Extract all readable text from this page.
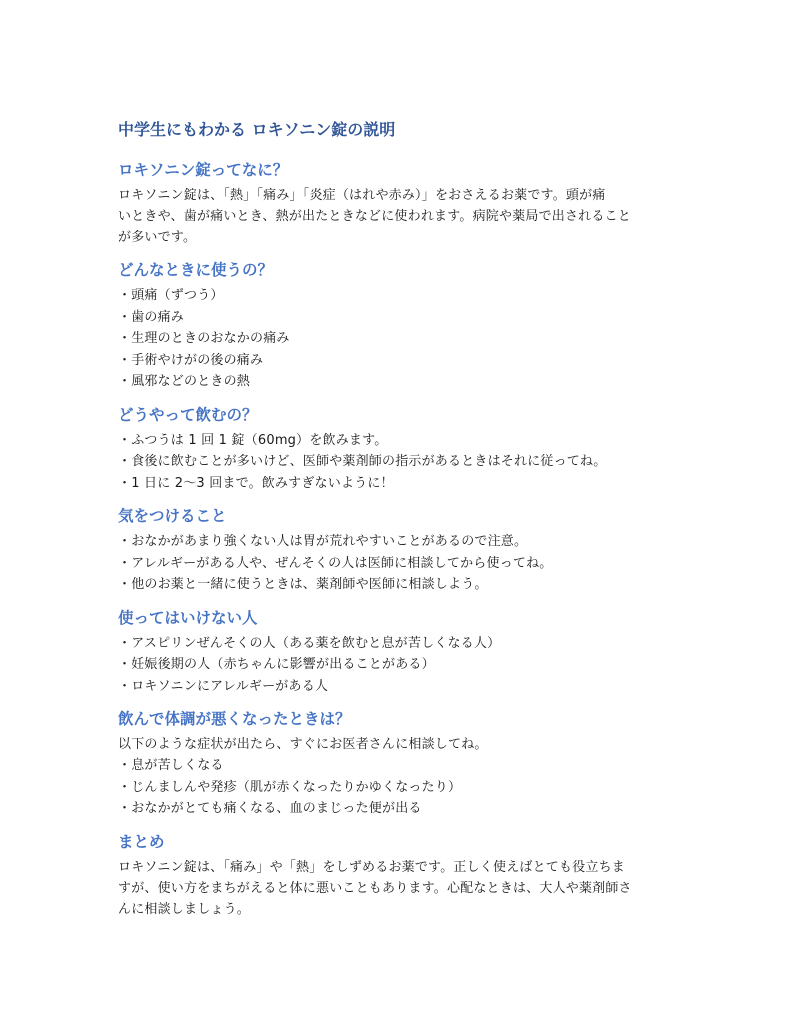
中学生にもわかる ロキソニン錠の説明
ロキソニン錠ってなに？

ロキソニン錠は、「熱」「痛み」「炎症（はれや赤み）」をおさえるお薬です。頭が痛
いときや、歯が痛いとき、熱が出たときなどに使われます。病院や薬局で出されること
が多いです。

どんなときに使うの？
・頭痛（ずつう）
・歯の痛み
・生理のときのおなかの痛み
・手術やけがの後の痛み
・風邪などのときの熱
どうやって飲むの？
・ふつうは 1 回 1 錠（60mg）を飲みます。
・食後に飲むことが多いけど、医師や薬剤師の指示があるときはそれに従ってね。
・1 日に 2〜3 回まで。飲みすぎないように！
気をつけること
・おなかがあまり強くない人は胃が荒れやすいことがあるので注意。
・アレルギーがある人や、ぜんそくの人は医師に相談してから使ってね。
・他のお薬と一緒に使うときは、薬剤師や医師に相談しよう。
使ってはいけない人
・アスピリンぜんそくの人（ある薬を飲むと息が苦しくなる人）
・妊娠後期の人（赤ちゃんに影響が出ることがある）
・ロキソニンにアレルギーがある人
飲んで体調が悪くなったときは？

以下のような症状が出たら、すぐにお医者さんに相談してね。

・息が苦しくなる
・じんましんや発疹（肌が赤くなったりかゆくなったり）
・おなかがとても痛くなる、血のまじった便が出る
まとめ

ロキソニン錠は、「痛み」や「熱」をしずめるお薬です。正しく使えばとても役立ちま
すが、使い方をまちがえると体に悪いこともあります。心配なときは、大人や薬剤師さ
んに相談しましょう。
